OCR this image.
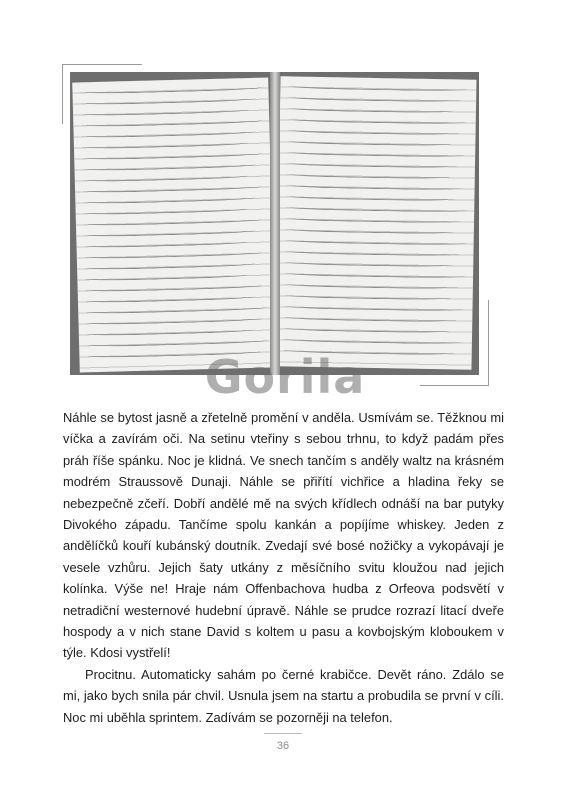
Gorila

Náhle se bytost jasně a zřetelně promění v anděla. Usmívám se. Těžknou mi víčka a zavírám oči. Na setinu vteřiny s sebou trhnu, to když padám přes práh říše spánku. Noc je klidná. Ve snech tančím s anděly waltz na krásném modrém Straussově Dunaji. Náhle se přiřítí vichřice a hladina řeky se nebezpečně zčeří. Dobří andělé mě na svých křídlech odnáší na bar putyky Divokého západu. Tančíme spolu kankán a popíjíme whiskey. Jeden z andělíčků kouří kubánský doutník. Zvedají své bosé nožičky a vykopávají je vesele vzhůru. Jejich šaty utkány z měsíčního svitu kloužou nad jejich kolínka. Výše ne! Hraje nám Offenbachova hudba z Orfeova podsvětí v netradiční westernové hudební úpravě. Náhle se prudce rozrazí litací dveře hospody a v nich stane David s koltem u pasu a kovbojským kloboukem v týle. Kdosi vystřelí!

Procitnu. Automaticky sahám po černé krabičce. Devět ráno. Zdálo se mi, jako bych snila pár chvil. Usnula jsem na startu a probudila se první v cíli. Noc mi uběhla sprintem. Zadívám se pozorněji na telefon.

36
